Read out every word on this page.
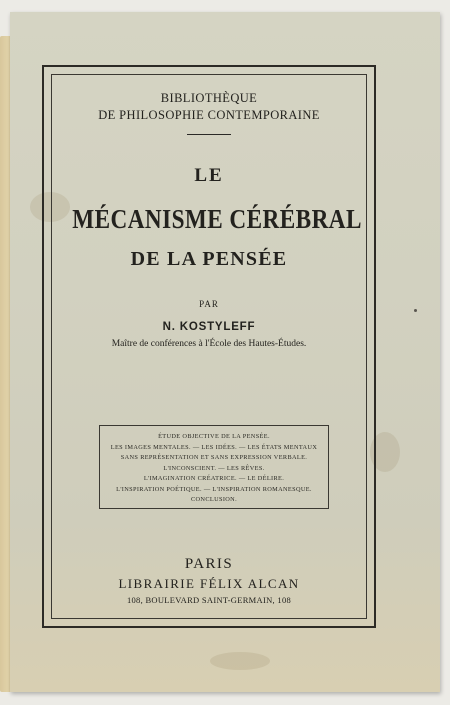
BIBLIOTHÈQUE

DE PHILOSOPHIE CONTEMPORAINE

LE
MÉCANISME CÉRÉBRAL
DE LA PENSÉE
PAR
N. KOSTYLEFF
Maître de conférences à l'École des Hautes-Études.
ÉTUDE OBJECTIVE DE LA PENSÉE.
LES IMAGES MENTALES. — LES IDÉES. — LES ÉTATS MENTAUX
SANS REPRÉSENTATION ET SANS EXPRESSION VERBALE.
L'INCONSCIENT. — LES RÊVES.
L'IMAGINATION CRÉATRICE. — LE DÉLIRE.
L'INSPIRATION POÉTIQUE. — L'INSPIRATION ROMANESQUE.
CONCLUSION.
PARIS
LIBRAIRIE FÉLIX ALCAN
108, BOULEVARD SAINT-GERMAIN, 108
